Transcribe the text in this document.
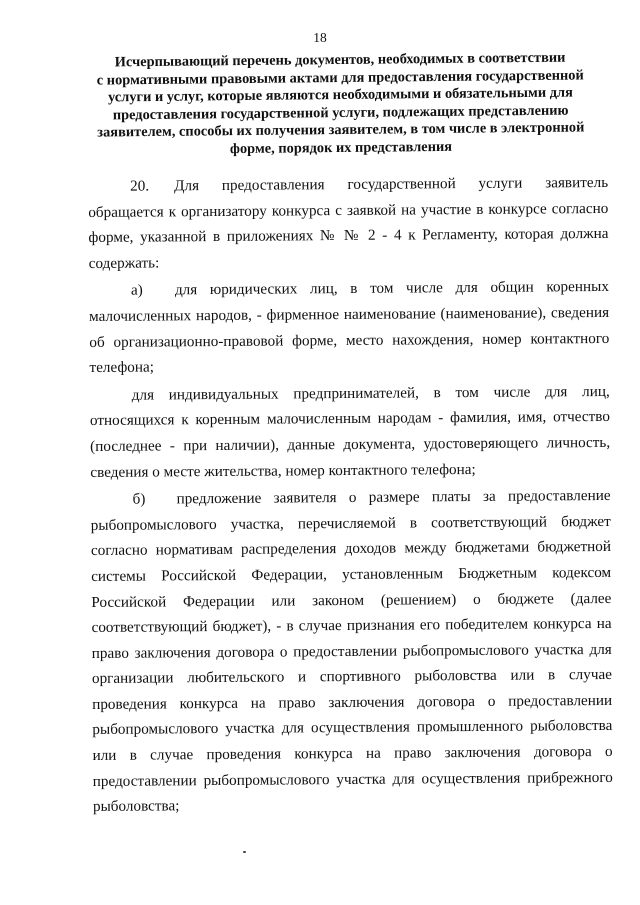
18
Исчерпывающий перечень документов, необходимых в соответствии
с нормативными правовыми актами для предоставления государственной
услуги и услуг, которые являются необходимыми и обязательными для
предоставления государственной услуги, подлежащих представлению
заявителем, способы их получения заявителем, в том числе в электронной
форме, порядок их представления

20. Для предоставления государственной услуги заявитель обращается к организатору конкурса с заявкой на участие в конкурсе согласно форме, указанной в приложениях № № 2 - 4 к Регламенту, которая должна содержать:

а) для юридических лиц, в том числе для общин коренных малочисленных народов, - фирменное наименование (наименование), сведения об организационно-правовой форме, место нахождения, номер контактного телефона;

для индивидуальных предпринимателей, в том числе для лиц, относящихся к коренным малочисленным народам - фамилия, имя, отчество (последнее - при наличии), данные документа, удостоверяющего личность, сведения о месте жительства, номер контактного телефона;

б) предложение заявителя о размере платы за предоставление рыбопромыслового участка, перечисляемой в соответствующий бюджет согласно нормативам распределения доходов между бюджетами бюджетной системы Российской Федерации, установленным Бюджетным кодексом Российской Федерации или законом (решением) о бюджете (далее соответствующий бюджет), - в случае признания его победителем конкурса на право заключения договора о предоставлении рыбопромыслового участка для организации любительского и спортивного рыболовства или в случае проведения конкурса на право заключения договора о предоставлении рыбопромыслового участка для осуществления промышленного рыболовства или в случае проведения конкурса на право заключения договора о предоставлении рыбопромыслового участка для осуществления прибрежного рыболовства;
